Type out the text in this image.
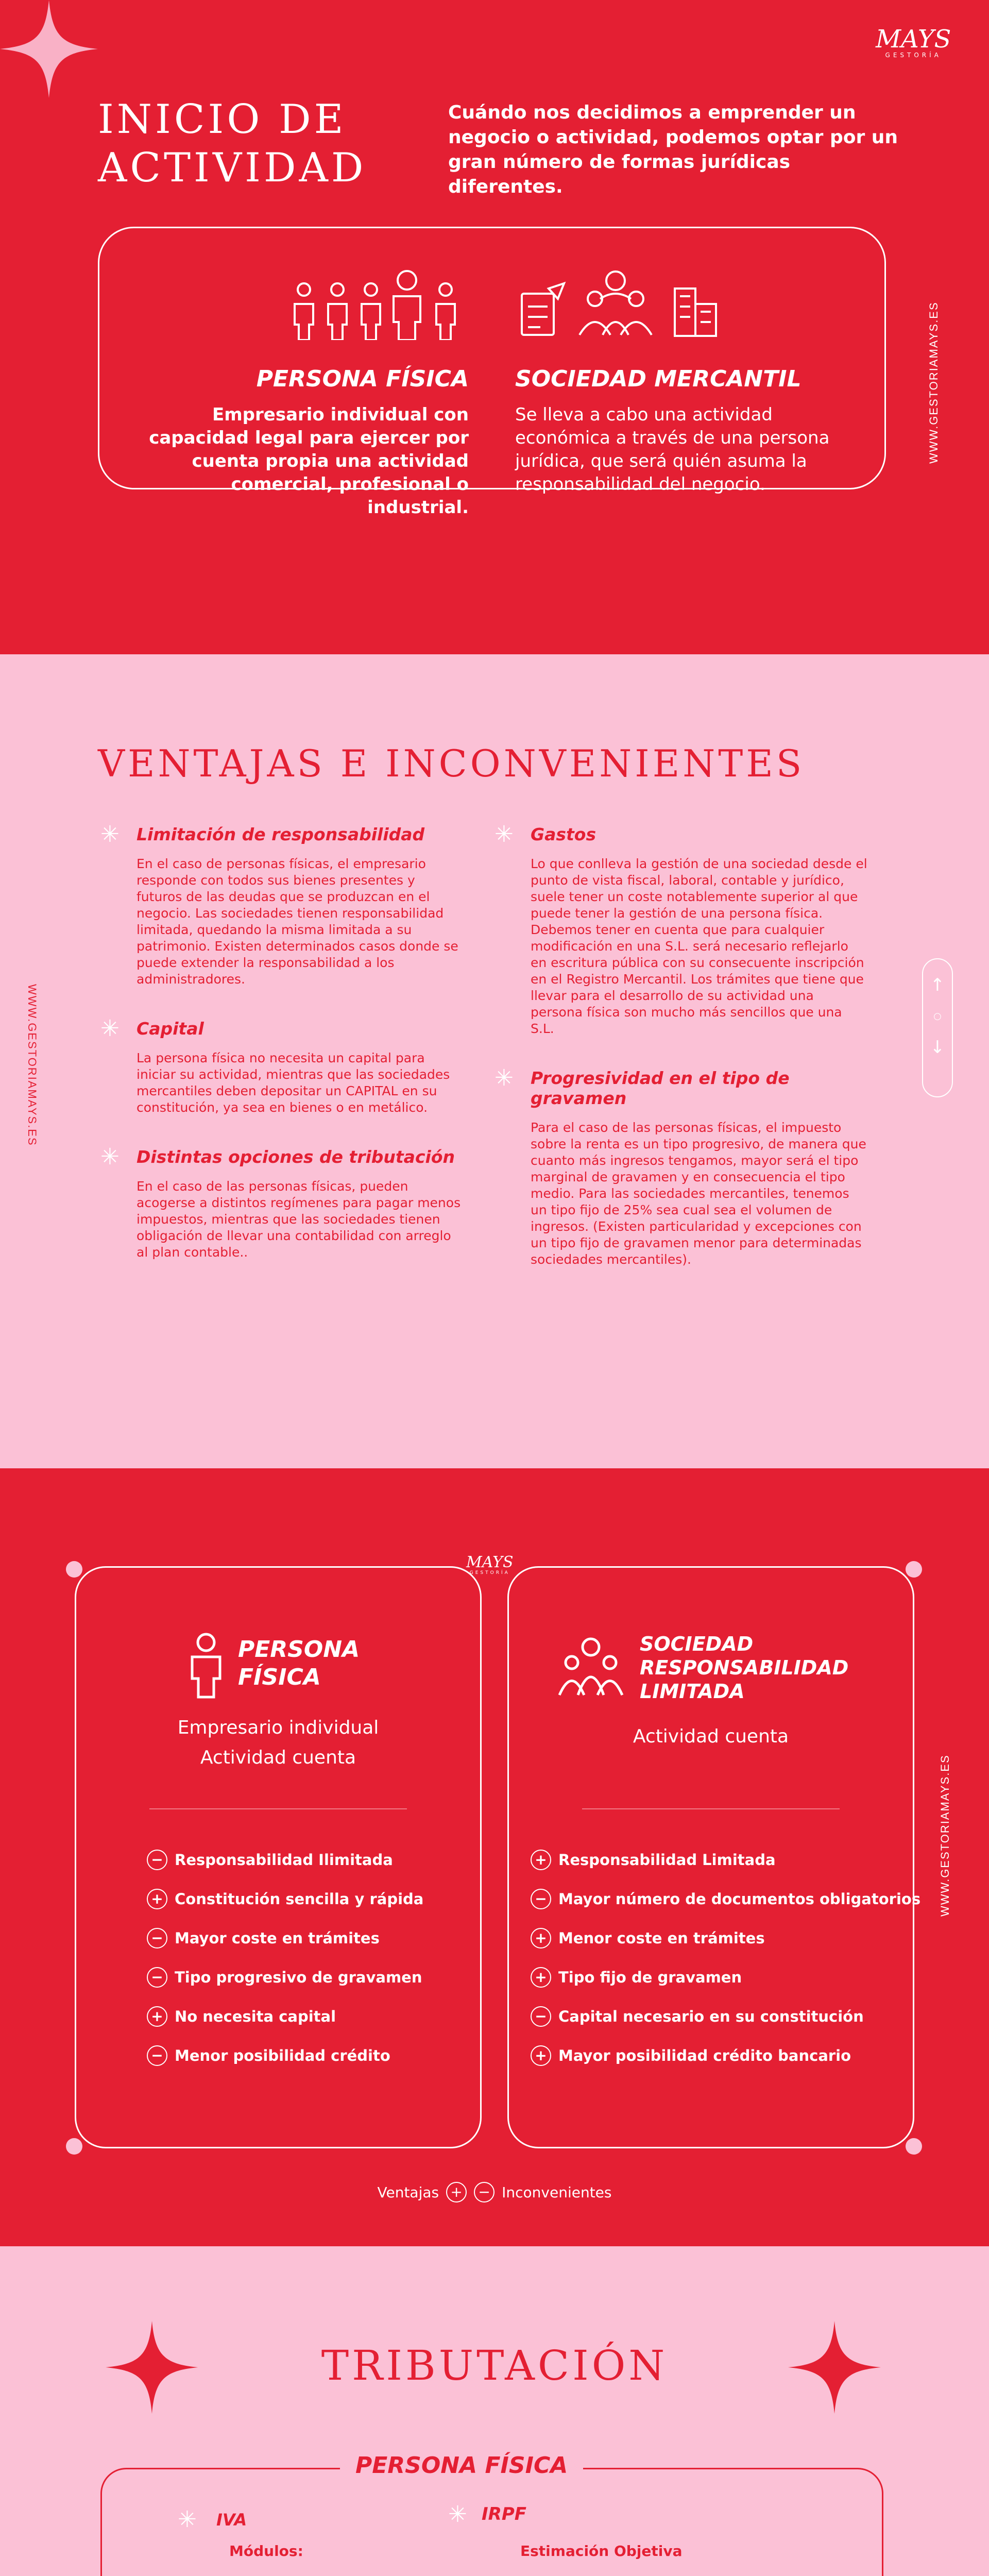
MAYS
GESTORÍA
INICIO DE
ACTIVIDAD
Cuándo nos decidimos a emprender un negocio o actividad, podemos optar por un gran número de formas jurídicas diferentes.
WWW.GESTORIAMAYS.ES
PERSONA FÍSICA
Empresario individual con capacidad legal para ejercer por cuenta propia una actividad comercial, profesional o industrial.
SOCIEDAD MERCANTIL
Se lleva a cabo una actividad económica a través de una persona jurídica, que será quién asuma la responsabilidad del negocio.
VENTAJAS E INCONVENIENTES
WWW.GESTORIAMAYS.ES
✳ Limitación de responsabilidad
En el caso de personas físicas, el empresario responde con todos sus bienes presentes y futuros de las deudas que se produzcan en el negocio. Las sociedades tienen responsabilidad limitada, quedando la misma limitada a su patrimonio. Existen determinados casos donde se puede extender la responsabilidad a los administradores.
✳ Capital
La persona física no necesita un capital para iniciar su actividad, mientras que las sociedades mercantiles deben depositar un CAPITAL en su constitución, ya sea en bienes o en metálico.
✳ Distintas opciones de tributación
En el caso de las personas físicas, pueden acogerse a distintos regímenes para pagar menos impuestos, mientras que las sociedades tienen obligación de llevar una contabilidad con arreglo al plan contable..
✳ Gastos
Lo que conlleva la gestión de una sociedad desde el punto de vista fiscal, laboral, contable y jurídico, suele tener un coste notablemente superior al que puede tener la gestión de una persona física. Debemos tener en cuenta que para cualquier modificación en una S.L. será necesario reflejarlo en escritura pública con su consecuente inscripción en el Registro Mercantil. Los trámites que tiene que llevar para el desarrollo de su actividad una persona física son mucho más sencillos que una S.L.
✳ Progresividad en el tipo de gravamen
Para el caso de las personas físicas, el impuesto sobre la renta es un tipo progresivo, de manera que cuanto más ingresos tengamos, mayor será el tipo marginal de gravamen y en consecuencia el tipo medio. Para las sociedades mercantiles, tenemos un tipo fijo de 25% sea cual sea el volumen de ingresos. (Existen particularidad y excepciones con un tipo fijo de gravamen menor para determinadas sociedades mercantiles).
↑
○
↓
MAYS
GESTORÍA
WWW.GESTORIAMAYS.ES
PERSONA
FÍSICA
Empresario individual
Actividad cuenta
− Responsabilidad Ilimitada
+ Constitución sencilla y rápida
− Mayor coste en trámites
− Tipo progresivo de gravamen
+ No necesita capital
− Menor posibilidad crédito
SOCIEDAD
RESPONSABILIDAD
LIMITADA
Actividad cuenta
+ Responsabilidad Limitada
− Mayor número de documentos obligatorios
+ Menor coste en trámites
+ Tipo fijo de gravamen
− Capital necesario en su constitución
+ Mayor posibilidad crédito bancario
Ventajas + − Inconvenientes
TRIBUTACIÓN
PERSONA FÍSICA
✳ IVA
Módulos:
✳ IRPF
Estimación Objetiva
